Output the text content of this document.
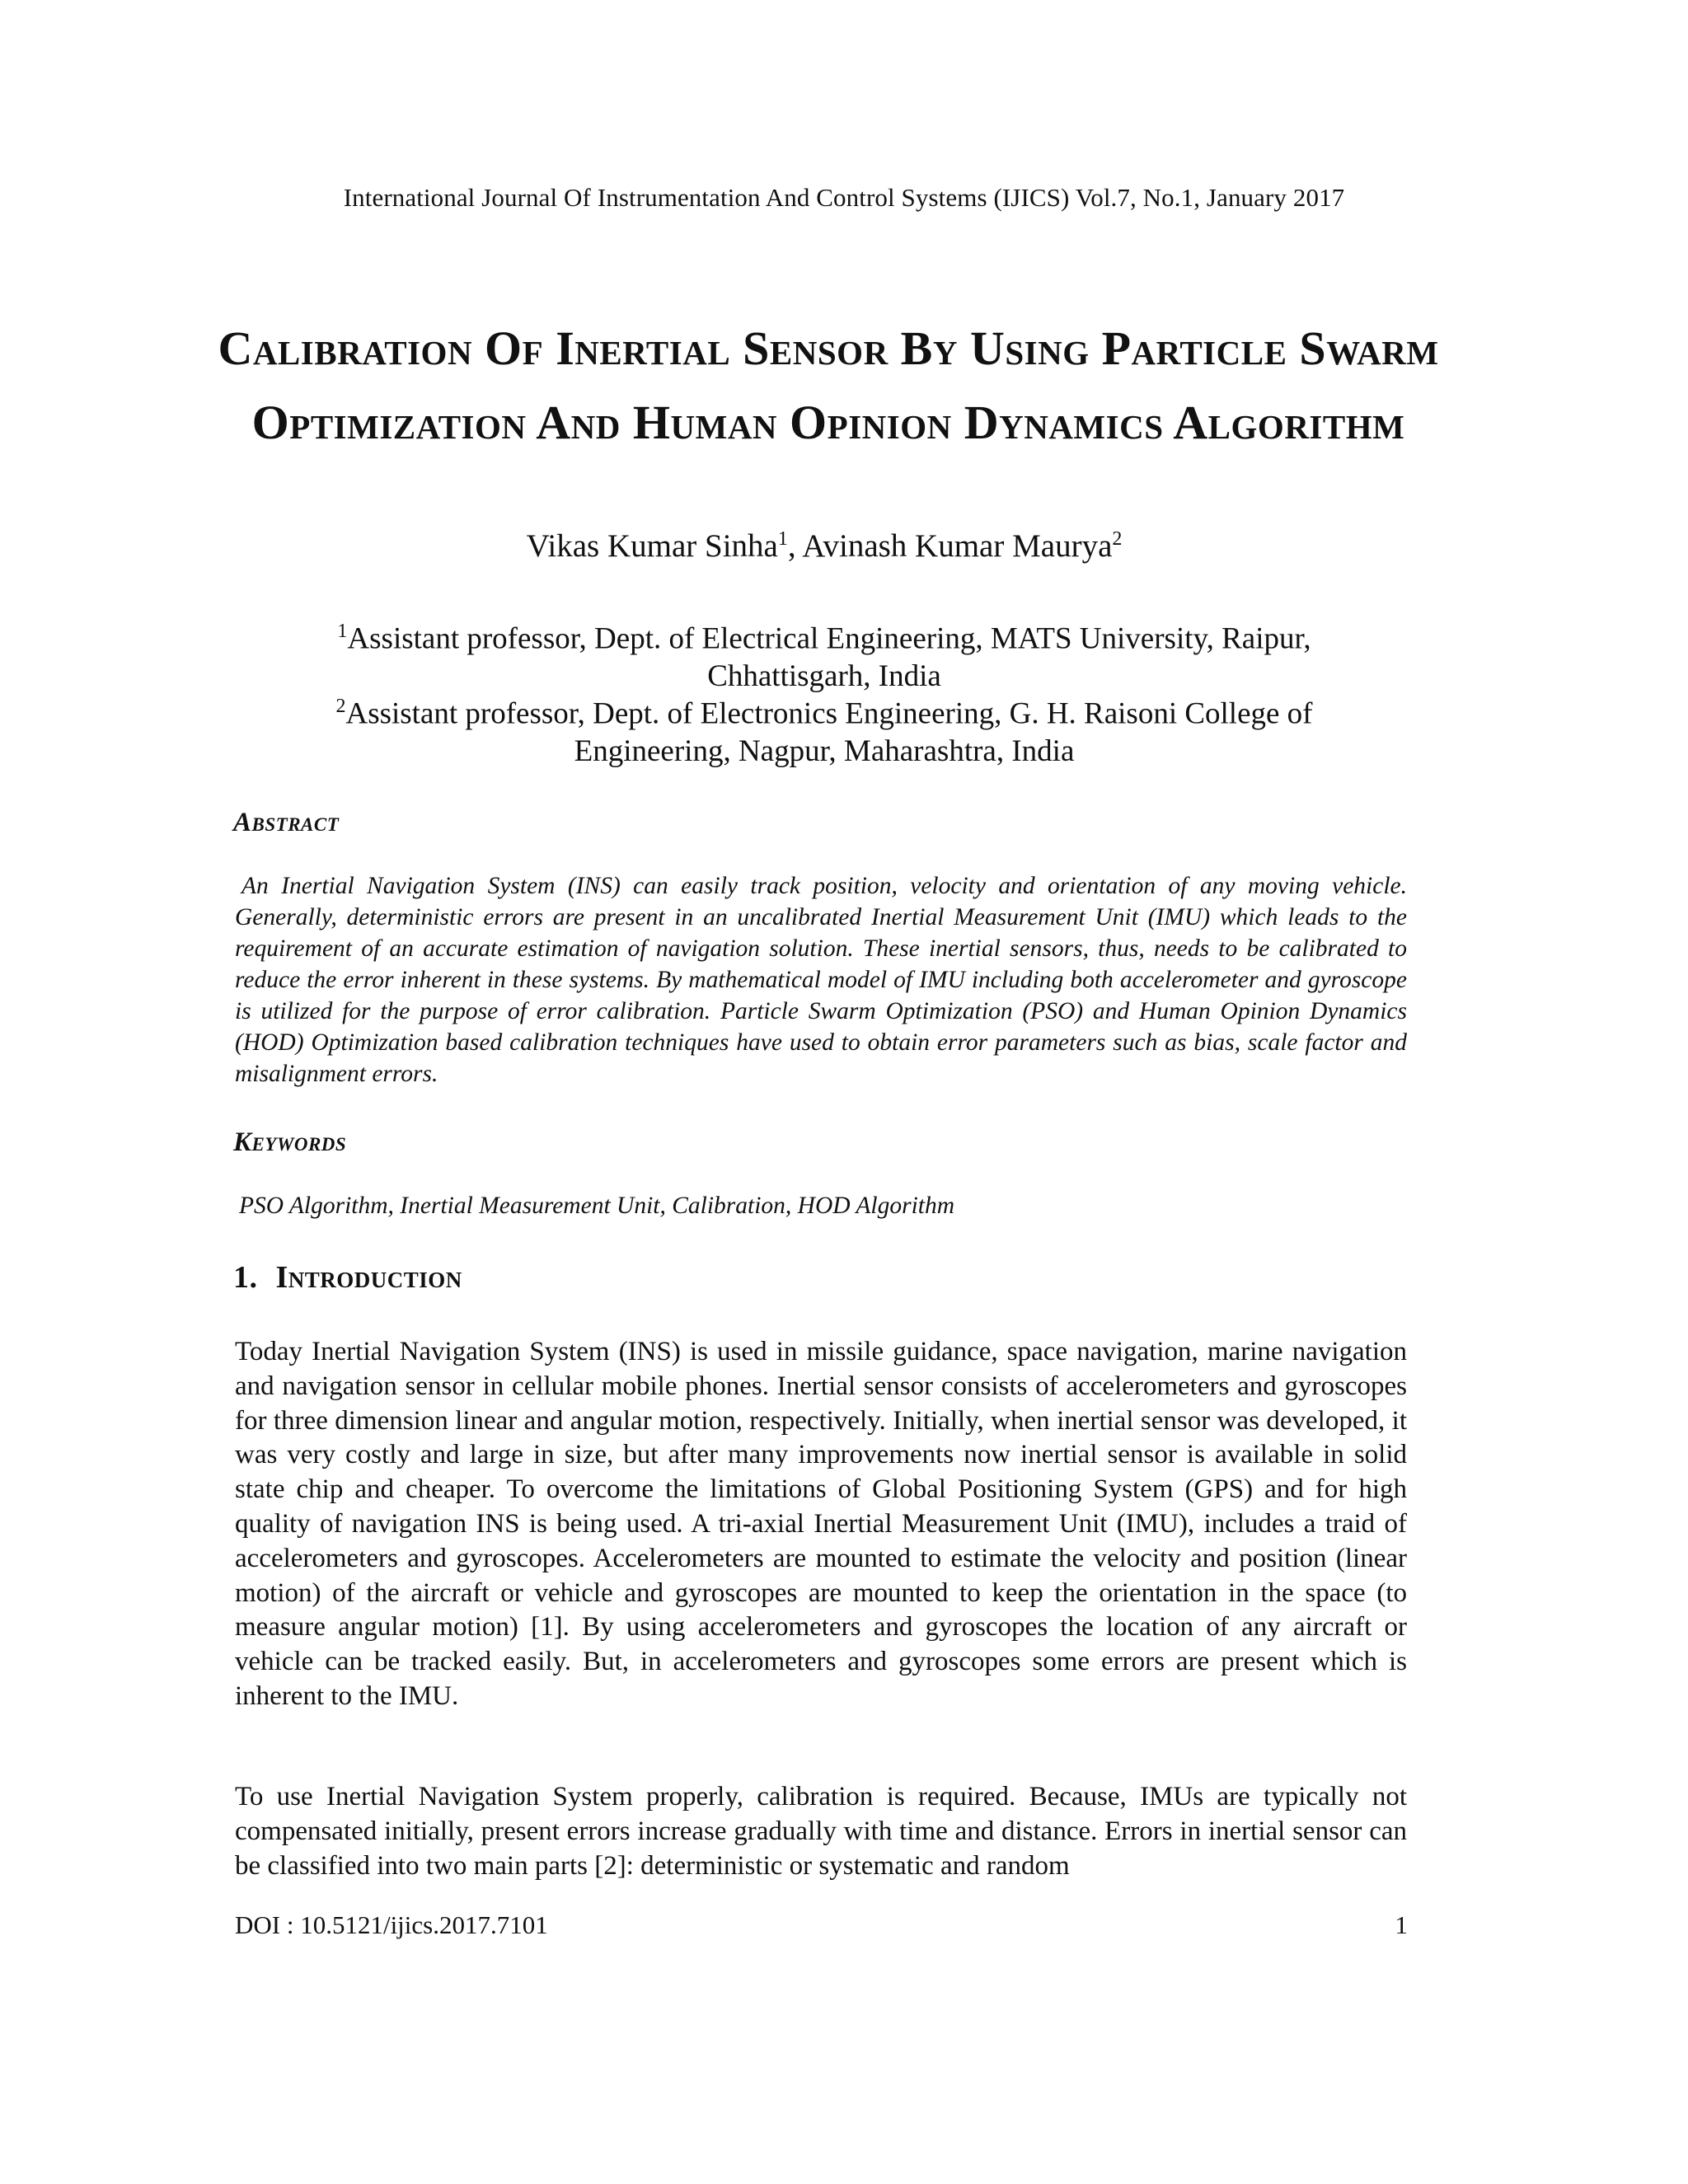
International Journal Of Instrumentation And Control Systems (IJICS) Vol.7, No.1, January 2017
Calibration Of Inertial Sensor By Using Particle Swarm Optimization And Human Opinion Dynamics Algorithm
Vikas Kumar Sinha$^1$, Avinash Kumar Maurya$^2$
$^1$Assistant professor, Dept. of Electrical Engineering, MATS University, Raipur, Chhattisgarh, India
$^2$Assistant professor, Dept. of Electronics Engineering, G. H. Raisoni College of Engineering, Nagpur, Maharashtra, India
Abstract
An Inertial Navigation System (INS) can easily track position, velocity and orientation of any moving vehicle. Generally, deterministic errors are present in an uncalibrated Inertial Measurement Unit (IMU) which leads to the requirement of an accurate estimation of navigation solution. These inertial sensors, thus, needs to be calibrated to reduce the error inherent in these systems. By mathematical model of IMU including both accelerometer and gyroscope is utilized for the purpose of error calibration. Particle Swarm Optimization (PSO) and Human Opinion Dynamics (HOD) Optimization based calibration techniques have used to obtain error parameters such as bias, scale factor and misalignment errors.
Keywords
PSO Algorithm, Inertial Measurement Unit, Calibration, HOD Algorithm
1. Introduction
Today Inertial Navigation System (INS) is used in missile guidance, space navigation, marine navigation and navigation sensor in cellular mobile phones. Inertial sensor consists of accelerometers and gyroscopes for three dimension linear and angular motion, respectively. Initially, when inertial sensor was developed, it was very costly and large in size, but after many improvements now inertial sensor is available in solid state chip and cheaper. To overcome the limitations of Global Positioning System (GPS) and for high quality of navigation INS is being used. A tri-axial Inertial Measurement Unit (IMU), includes a traid of accelerometers and gyroscopes. Accelerometers are mounted to estimate the velocity and position (linear motion) of the aircraft or vehicle and gyroscopes are mounted to keep the orientation in the space (to measure angular motion) [1]. By using accelerometers and gyroscopes the location of any aircraft or vehicle can be tracked easily. But, in accelerometers and gyroscopes some errors are present which is inherent to the IMU.
To use Inertial Navigation System properly, calibration is required. Because, IMUs are typically not compensated initially, present errors increase gradually with time and distance. Errors in inertial sensor can be classified into two main parts [2]: deterministic or systematic and random
DOI : 10.5121/ijics.2017.7101	1
